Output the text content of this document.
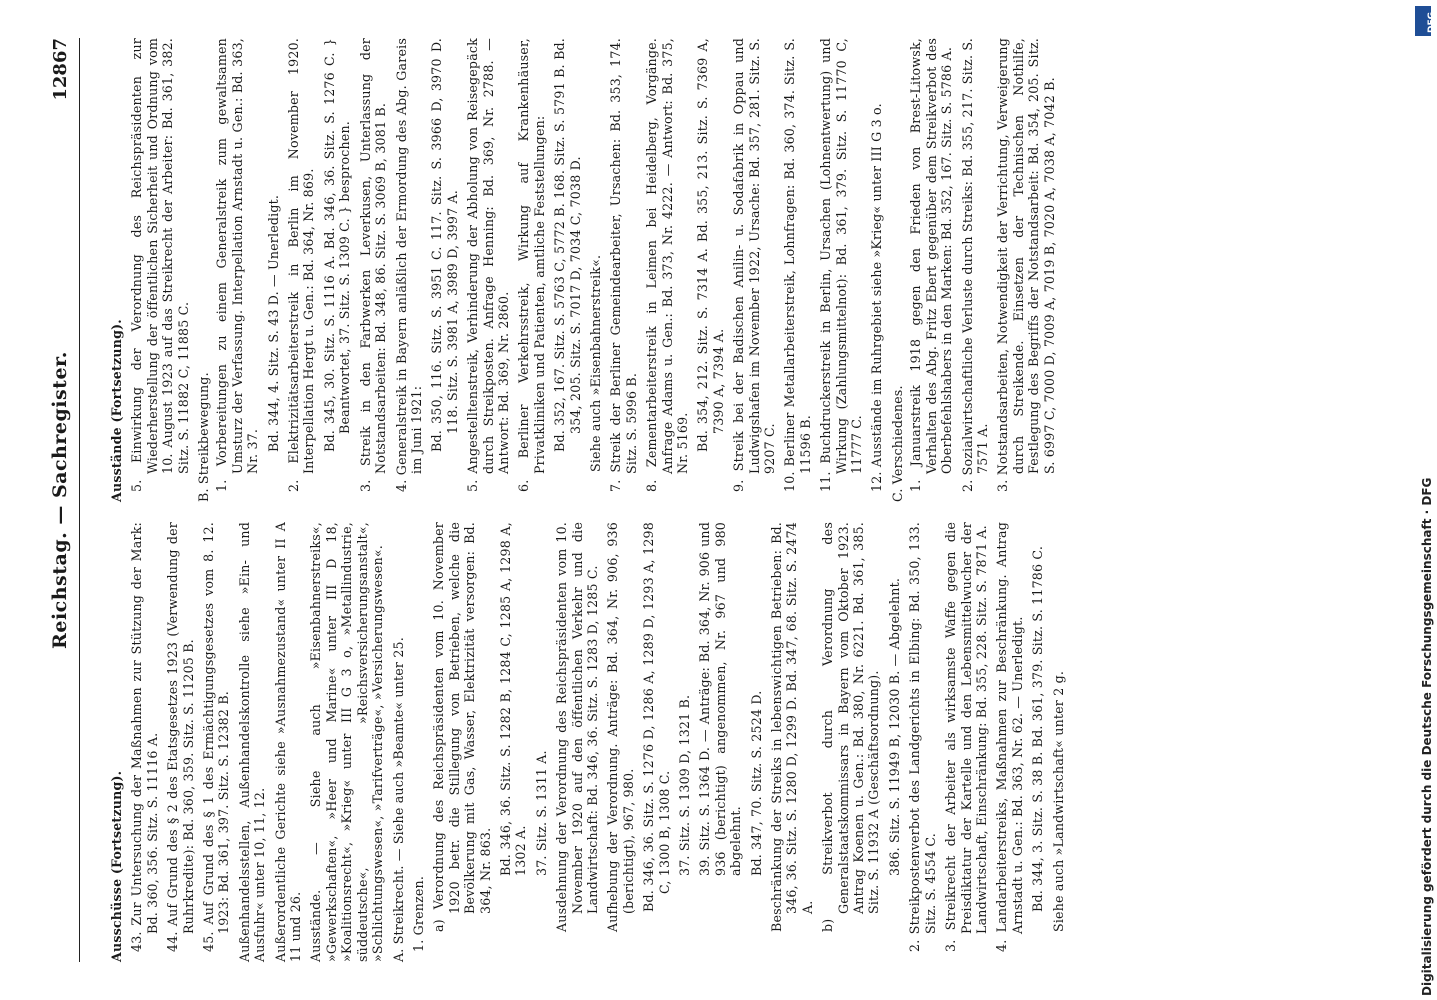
Reichstag. — Sachregister.
12867

Ausschüsse (Fortsetzung). 43. Zur Untersuchung der Maßnahmen zur Stützung der Mark: Bd. 360, 356. Sitz. S. 11116 A. 44. Auf Grund des § 2 des Etatsgesetzes 1923 (Verwendung der Ruhrkredite): Bd. 360, 359. Sitz. S. 11205 B. 45. Auf Grund des § 1 des Ermächtigungsgesetzes vom 8. 12. 1923: Bd. 361, 397. Sitz. S. 12382 B. Außenhandelsstellen, Außenhandelskontrolle siehe »Ein- und Ausfuhr« unter 10, 11, 12. Außerordentliche Gerichte siehe »Ausnahmezustand« unter II A 11 und 26. Ausstände. — Siehe auch »Eisenbahnerstreiks«, »Gewerkschaften«, »Heer und Marine« unter III D 18, »Koalitionsrecht«, »Krieg« unter III G 3 o, »Metallindustrie, süddeutsche«, »Reichsversicherungsanstalt«, »Schlichtungswesen«, »Tarifverträge«, »Versicherungswesen«. A. Streikrecht. — Siehe auch »Beamte« unter 25. 1. Grenzen. a) Verordnung des Reichspräsidenten vom 10. November 1920 betr. die Stillegung von Betrieben, welche die Bevölkerung mit Gas, Wasser, Elektrizität versorgen: Bd. 364, Nr. 863. Bd. 346, 36. Sitz. S. 1282 B, 1284 C, 1285 A, 1298 A, 1302 A. 37. Sitz. S. 1311 A. Ausdehnung der Verordnung des Reichspräsidenten vom 10. November 1920 auf den öffentlichen Verkehr und die Landwirtschaft: Bd. 346, 36. Sitz. S. 1283 D, 1285 C. Aufhebung der Verordnung. Anträge: Bd. 364, Nr. 906, 936 (berichtigt), 967, 980. Bd. 346, 36. Sitz. S. 1276 D, 1286 A, 1289 D, 1293 A, 1298 C, 1300 B, 1308 C. 37. Sitz. S. 1309 D, 1321 B. 39. Sitz. S. 1364 D. — Anträge: Bd. 364, Nr. 906 und 936 (berichtigt) angenommen, Nr. 967 und 980 abgelehnt. Bd. 347, 70. Sitz. S. 2524 D. Beschränkung der Streiks in lebenswichtigen Betrieben: Bd. 346, 36. Sitz. S. 1280 D, 1299 D. Bd. 347, 68. Sitz. S. 2474 A. b) Streikverbot durch Verordnung des Generalstaatskommissars in Bayern vom Oktober 1923. Antrag Koenen u. Gen.: Bd. 380, Nr. 6221. Bd. 361, 385. Sitz. S. 11932 A (Geschäftsordnung). 386. Sitz. S. 11949 B, 12030 B. — Abgelehnt. 2. Streikpostenverbot des Landgerichts in Elbing: Bd. 350, 133. Sitz. S. 4554 C. 3. Streikrecht der Arbeiter als wirksamste Waffe gegen die Preisdiktatur der Kartelle und den Lebensmittelwucher der Landwirtschaft, Einschränkung: Bd. 355, 228. Sitz. S. 7871 A. 4. Landarbeiterstreiks, Maßnahmen zur Beschränkung. Antrag Arnstadt u. Gen.: Bd. 363, Nr. 62. — Unerledigt. Bd. 344, 3. Sitz. S. 38 B. Bd. 361, 379. Sitz. S. 11786 C. Siehe auch »Landwirtschaft« unter 2 g.

Ausstände (Fortsetzung). 5. Einwirkung der Verordnung des Reichspräsidenten zur Wiederherstellung der öffentlichen Sicherheit und Ordnung vom 10. August 1923 auf das Streikrecht der Arbeiter: Bd. 361, 382. Sitz. S. 11882 C, 11885 C. B. Streikbewegung. 1. Vorbereitungen zu einem Generalstreik zum gewaltsamen Umsturz der Verfassung. Interpellation Arnstadt u. Gen.: Bd. 363, Nr. 37. Bd. 344, 4. Sitz. S. 43 D. — Unerledigt. 2. Elektrizitätsarbeiterstreik in Berlin im November 1920. Interpellation Hergt u. Gen.: Bd. 364, Nr. 869. Bd. 345, 30. Sitz. S. 1116 A. Bd. 346, 36. Sitz. S. 1276 C. } Beantwortet, 37. Sitz. S. 1309 C. } besprochen. 3. Streik in den Farbwerken Leverkusen, Unterlassung der Notstandsarbeiten: Bd. 348, 86. Sitz. S. 3069 B, 3081 B. 4. Generalstreik in Bayern anläßlich der Ermordung des Abg. Gareis im Juni 1921: Bd. 350, 116. Sitz. S. 3951 C. 117. Sitz. S. 3966 D, 3970 D. 118. Sitz. S. 3981 A, 3989 D, 3997 A. 5. Angestelltenstreik, Verhinderung der Abholung von Reisegepäck durch Streikposten. Anfrage Henning: Bd. 369, Nr. 2788. — Antwort: Bd. 369, Nr. 2860. 6. Berliner Verkehrsstreik, Wirkung auf Krankenhäuser, Privatkliniken und Patienten, amtliche Feststellungen: Bd. 352, 167. Sitz. S. 5763 C, 5772 B. 168. Sitz. S. 5791 B. Bd. 354, 205. Sitz. S. 7017 D, 7034 C, 7038 D. Siehe auch »Eisenbahnerstreik«. 7. Streik der Berliner Gemeindearbeiter, Ursachen: Bd. 353, 174. Sitz. S. 5996 B. 8. Zementarbeiterstreik in Leimen bei Heidelberg, Vorgänge. Anfrage Adams u. Gen.: Bd. 373, Nr. 4222. — Antwort: Bd. 375, Nr. 5169. Bd. 354, 212. Sitz. S. 7314 A. Bd. 355, 213. Sitz. S. 7369 A, 7390 A, 7394 A. 9. Streik bei der Badischen Anilin- u. Sodafabrik in Oppau und Ludwigshafen im November 1922, Ursache: Bd. 357, 281. Sitz. S. 9207 C. 10. Berliner Metallarbeiterstreik, Lohnfragen: Bd. 360, 374. Sitz. S. 11596 B. 11. Buchdruckerstreik in Berlin, Ursachen (Lohnentwertung) und Wirkung (Zahlungsmittelnot): Bd. 361, 379. Sitz. S. 11770 C, 11777 C. 12. Ausstände im Ruhrgebiet siehe »Krieg« unter III G 3 o. C. Verschiedenes. 1. Januarstreik 1918 gegen den Frieden von Brest-Litowsk, Verhalten des Abg. Fritz Ebert gegenüber dem Streikverbot des Oberbefehlshabers in den Marken: Bd. 352, 167. Sitz. S. 5786 A. 2. Sozialwirtschaftliche Verluste durch Streiks: Bd. 355, 217. Sitz. S. 7571 A. 3. Notstandsarbeiten, Notwendigkeit der Verrichtung, Verweigerung durch Streikende. Einsetzen der Technischen Nothilfe, Festlegung des Begriffs der Notstandsarbeit: Bd. 354, 205. Sitz. S. 6997 C, 7000 D, 7009 A, 7019 B, 7020 A, 7038 A, 7042 B.

Digitalisierung gefördert durch die Deutsche Forschungsgemeinschaft · DFG
DFG
